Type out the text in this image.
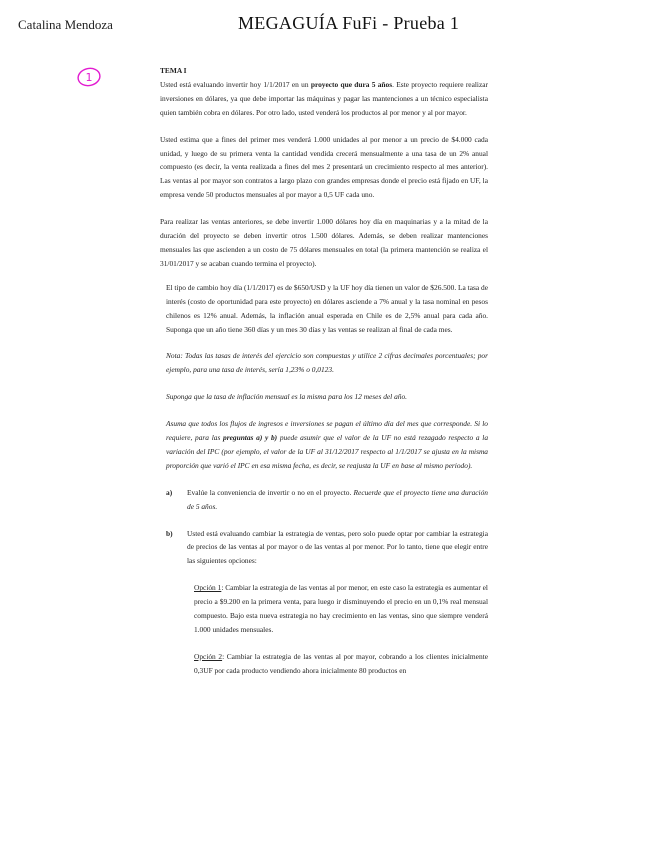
Catalina Mendoza	MEGAGUÍA FuFi - Prueba 1
1

TEMA I

Usted está evaluando invertir hoy 1/1/2017 en un proyecto que dura 5 años. Este proyecto requiere realizar inversiones en dólares, ya que debe importar las máquinas y pagar las mantenciones a un técnico especialista quien también cobra en dólares. Por otro lado, usted venderá los productos al por menor y al por mayor.

Usted estima que a fines del primer mes venderá 1.000 unidades al por menor a un precio de $4.000 cada unidad, y luego de su primera venta la cantidad vendida crecerá mensualmente a una tasa de un 2% anual compuesto (es decir, la venta realizada a fines del mes 2 presentará un crecimiento respecto al mes anterior). Las ventas al por mayor son contratos a largo plazo con grandes empresas donde el precio está fijado en UF, la empresa vende 50 productos mensuales al por mayor a 0,5 UF cada uno.

Para realizar las ventas anteriores, se debe invertir 1.000 dólares hoy día en maquinarias y a la mitad de la duración del proyecto se deben invertir otros 1.500 dólares. Además, se deben realizar mantenciones mensuales las que ascienden a un costo de 75 dólares mensuales en total (la primera mantención se realiza el 31/01/2017 y se acaban cuando termina el proyecto).

El tipo de cambio hoy día (1/1/2017) es de $650/USD y la UF hoy día tienen un valor de $26.500. La tasa de interés (costo de oportunidad para este proyecto) en dólares asciende a 7% anual y la tasa nominal en pesos chilenos es 12% anual. Además, la inflación anual esperada en Chile es de 2,5% anual para cada año. Suponga que un año tiene 360 días y un mes 30 días y las ventas se realizan al final de cada mes.

Nota: Todas las tasas de interés del ejercicio son compuestas y utilice 2 cifras decimales porcentuales; por ejemplo, para una tasa de interés, sería 1,23% o 0,0123.

Suponga que la tasa de inflación mensual es la misma para los 12 meses del año.

Asuma que todos los flujos de ingresos e inversiones se pagan el último día del mes que corresponde. Si lo requiere, para las preguntas a) y b) puede asumir que el valor de la UF no está rezagado respecto a la variación del IPC (por ejemplo, el valor de la UF al 31/12/2017 respecto al 1/1/2017 se ajusta en la misma proporción que varió el IPC en esa misma fecha, es decir, se reajusta la UF en base al mismo periodo).

a) Evalúe la conveniencia de invertir o no en el proyecto. Recuerde que el proyecto tiene una duración de 5 años.

b) Usted está evaluando cambiar la estrategia de ventas, pero solo puede optar por cambiar la estrategia de precios de las ventas al por mayor o de las ventas al por menor. Por lo tanto, tiene que elegir entre las siguientes opciones:

Opción 1: Cambiar la estrategia de las ventas al por menor, en este caso la estrategia es aumentar el precio a $9.200 en la primera venta, para luego ir disminuyendo el precio en un 0,1% real mensual compuesto. Bajo esta nueva estrategia no hay crecimiento en las ventas, sino que siempre venderá 1.000 unidades mensuales.

Opción 2: Cambiar la estrategia de las ventas al por mayor, cobrando a los clientes inicialmente 0,3UF por cada producto vendiendo ahora inicialmente 80 productos en
